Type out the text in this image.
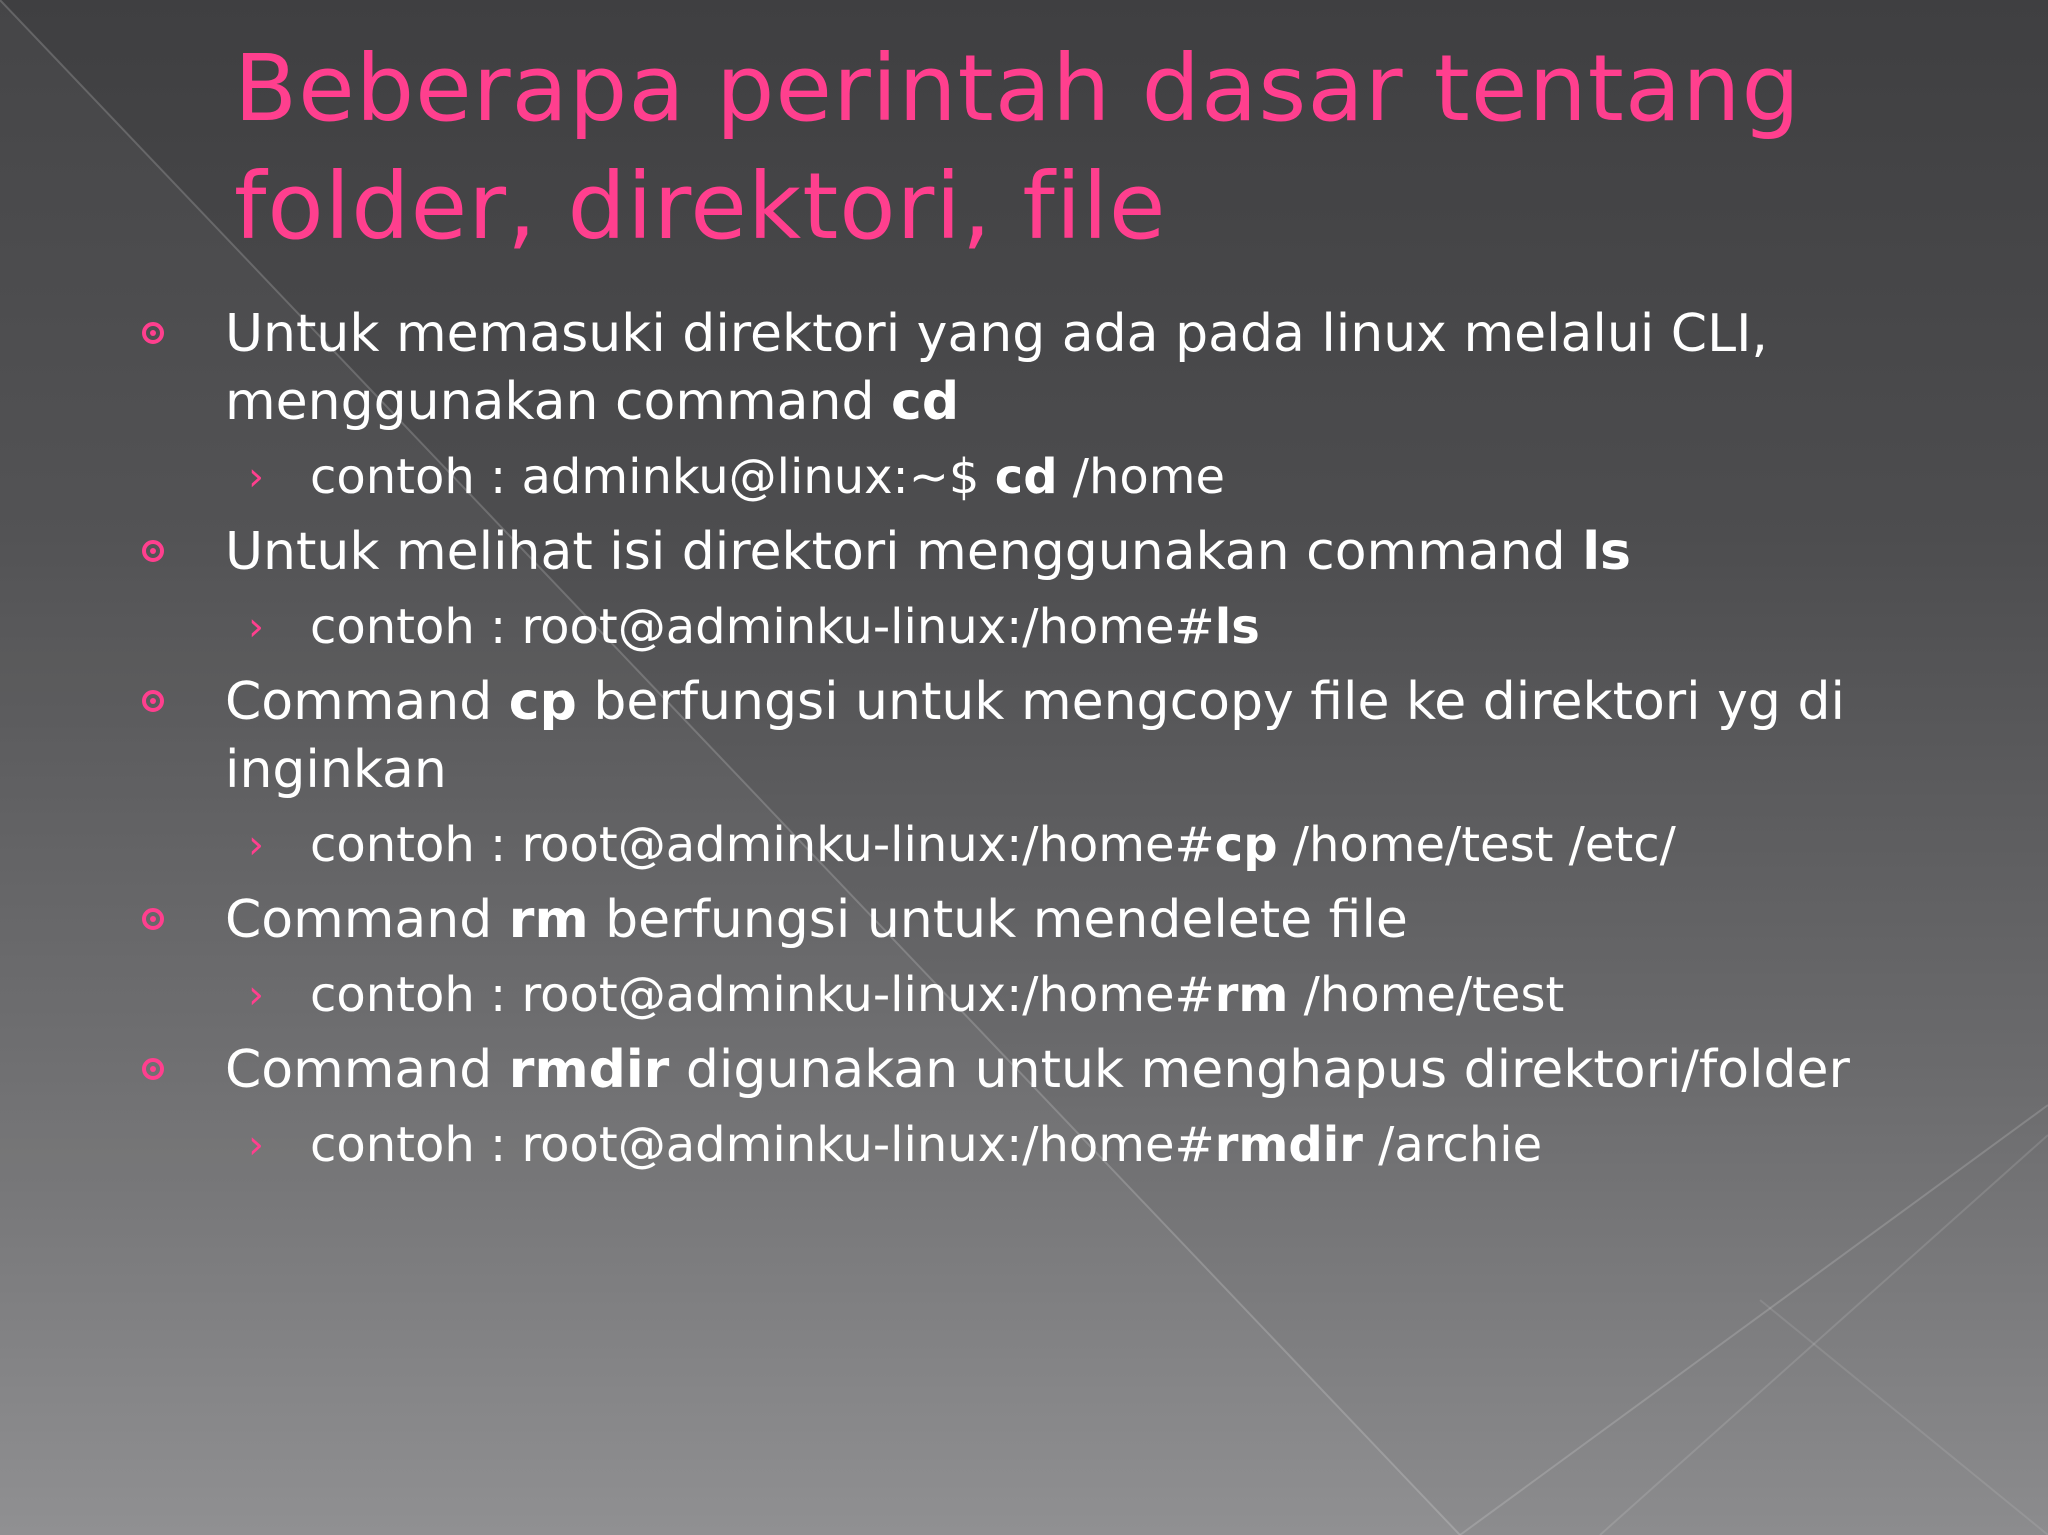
Beberapa perintah dasar tentang
folder, direktori, file
Untuk memasuki direktori yang ada pada linux melalui CLI, menggunakan command cd
› contoh : adminku@linux:~$ cd /home
Untuk melihat isi direktori menggunakan command ls
› contoh : root@adminku-linux:/home#ls
Command cp berfungsi untuk mengcopy file ke direktori yg di inginkan
› contoh : root@adminku-linux:/home#cp /home/test /etc/
Command rm berfungsi untuk mendelete file
› contoh : root@adminku-linux:/home#rm /home/test
Command rmdir digunakan untuk menghapus direktori/folder
› contoh : root@adminku-linux:/home#rmdir /archie
